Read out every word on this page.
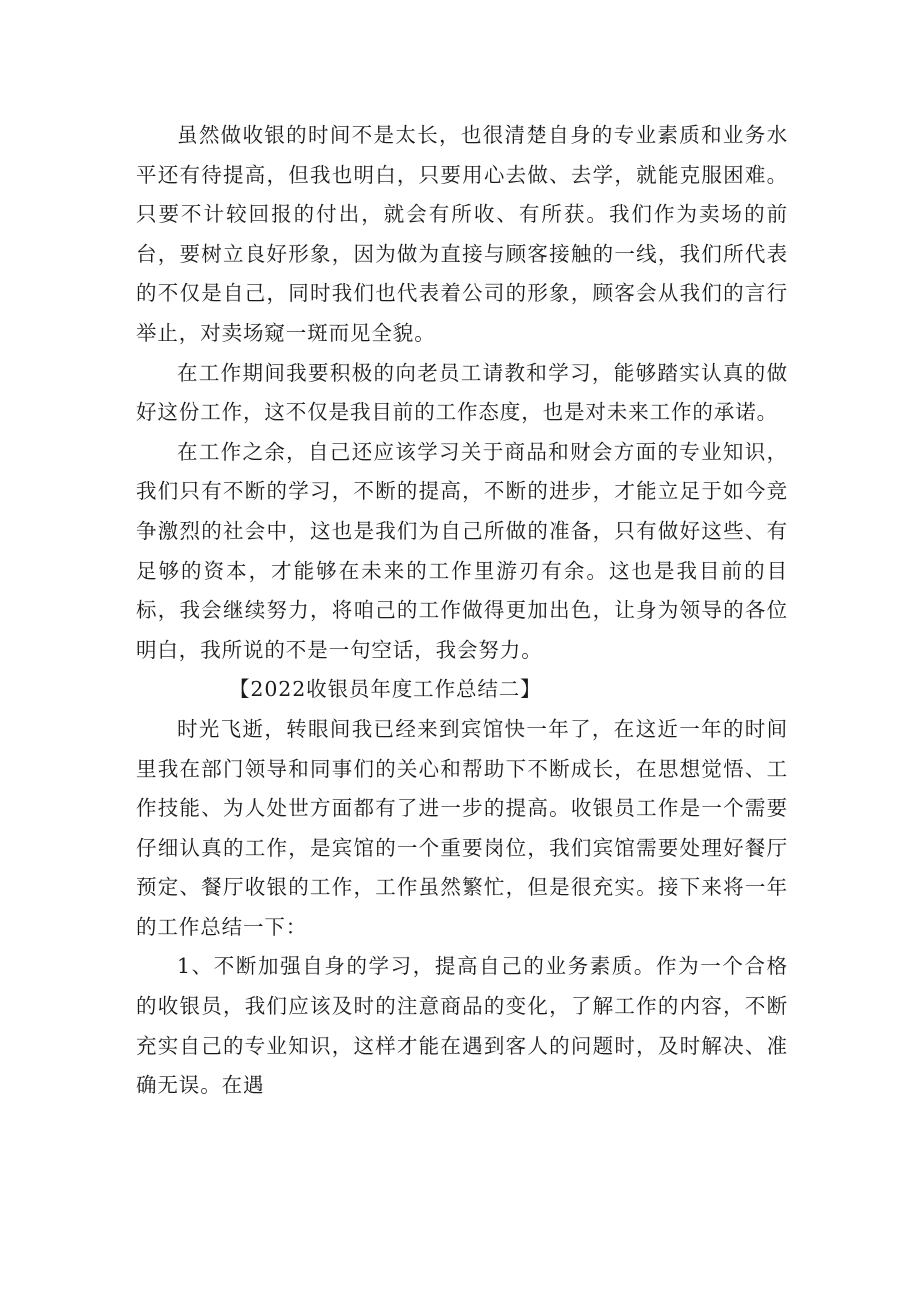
虽然做收银的时间不是太长，也很清楚自身的专业素质和业务水平还有待提高，但我也明白，只要用心去做、去学，就能克服困难。只要不计较回报的付出，就会有所收、有所获。我们作为卖场的前台，要树立良好形象，因为做为直接与顾客接触的一线，我们所代表的不仅是自己，同时我们也代表着公司的形象，顾客会从我们的言行举止，对卖场窥一斑而见全貌。

在工作期间我要积极的向老员工请教和学习，能够踏实认真的做好这份工作，这不仅是我目前的工作态度，也是对未来工作的承诺。

在工作之余，自己还应该学习关于商品和财会方面的专业知识，我们只有不断的学习，不断的提高，不断的进步，才能立足于如今竞争激烈的社会中，这也是我们为自己所做的准备，只有做好这些、有足够的资本，才能够在未来的工作里游刃有余。这也是我目前的目标，我会继续努力，将咱己的工作做得更加出色，让身为领导的各位明白，我所说的不是一句空话，我会努力。

【2022收银员年度工作总结二】

时光飞逝，转眼间我已经来到宾馆快一年了，在这近一年的时间里我在部门领导和同事们的关心和帮助下不断成长，在思想觉悟、工作技能、为人处世方面都有了进一步的提高。收银员工作是一个需要仔细认真的工作，是宾馆的一个重要岗位，我们宾馆需要处理好餐厅预定、餐厅收银的工作，工作虽然繁忙，但是很充实。接下来将一年的工作总结一下：

1、不断加强自身的学习，提高自己的业务素质。作为一个合格的收银员，我们应该及时的注意商品的变化，了解工作的内容，不断充实自己的专业知识，这样才能在遇到客人的问题时，及时解决、准确无误。在遇
